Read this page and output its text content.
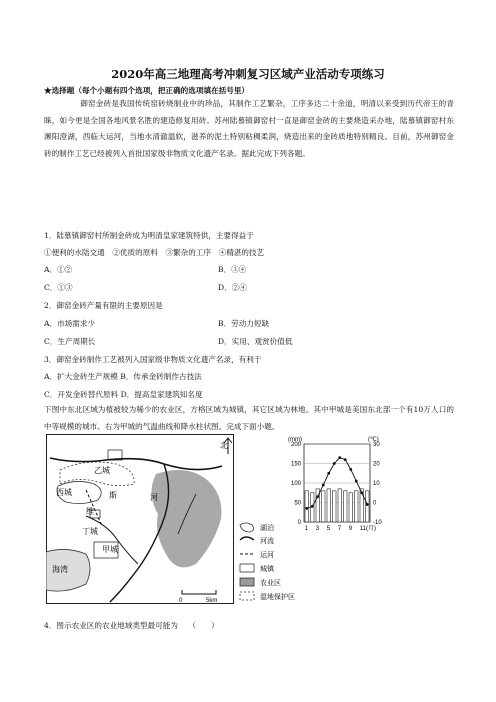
2020年高三地理高考冲刺复习区域产业活动专项练习
★选择题（每个小题有四个选项，把正确的选项填在括号里）
御窑金砖是我国传统窑砖烧制业中的珍品，其制作工艺繁杂，工序多达二十余道，明清以来受到历代帝王的青睐，如今更是全国各地风景名胜的建造修复用砖。苏州陆慕镇御窑村一直是御窑金砖的主要烧造采办地，陆慕镇御窑村东濒阳澄湖，西临大运河，当地水清澈温软，滋养的泥土特别粘稠柔润，烧造出来的金砖质地特别精良。目前，苏州御窑金砖的制作工艺已经被列入首批国家级非物质文化遗产名录。据此完成下列各题。
1．陆慕镇御窑村所制金砖成为明清皇家建筑特供，主要得益于
①便利的水陆交通　②优质的原料　③繁杂的工序　④精湛的技艺
A．①②	B．③④
C．①③	D．②④
2．御窑金砖产量有限的主要原因是
A．市场需求少	B．劳动力短缺
C．生产周期长	D．实用、观赏价值低
3．御窑金砖制作工艺被列入国家级非物质文化遗产名录，有利于
A．扩大金砖生产规模 B．传承金砖制作古技法
C．开发金砖替代原料 D．提高皇家建筑知名度
下图中东北区域为植被较为稀少的农业区，方格区域为城镇，其它区域为林地。其中甲城是美国东北部一个有10万人口的中等规模的城市。右为甲城的气温曲线和降水柱状图。完成下面小题。
乙城
西城	斯
维
河
丁城
甲城
海湾
北
0	5km
湖泊
河流
运河
城镇
农业区
湿地保护区
0
50
100
150
200
-10
0
10
20
30
(mm)	(℃)
1 3 5 7 9 11(月)
4．图示农业区的农业地域类型最可能为 （　　）
